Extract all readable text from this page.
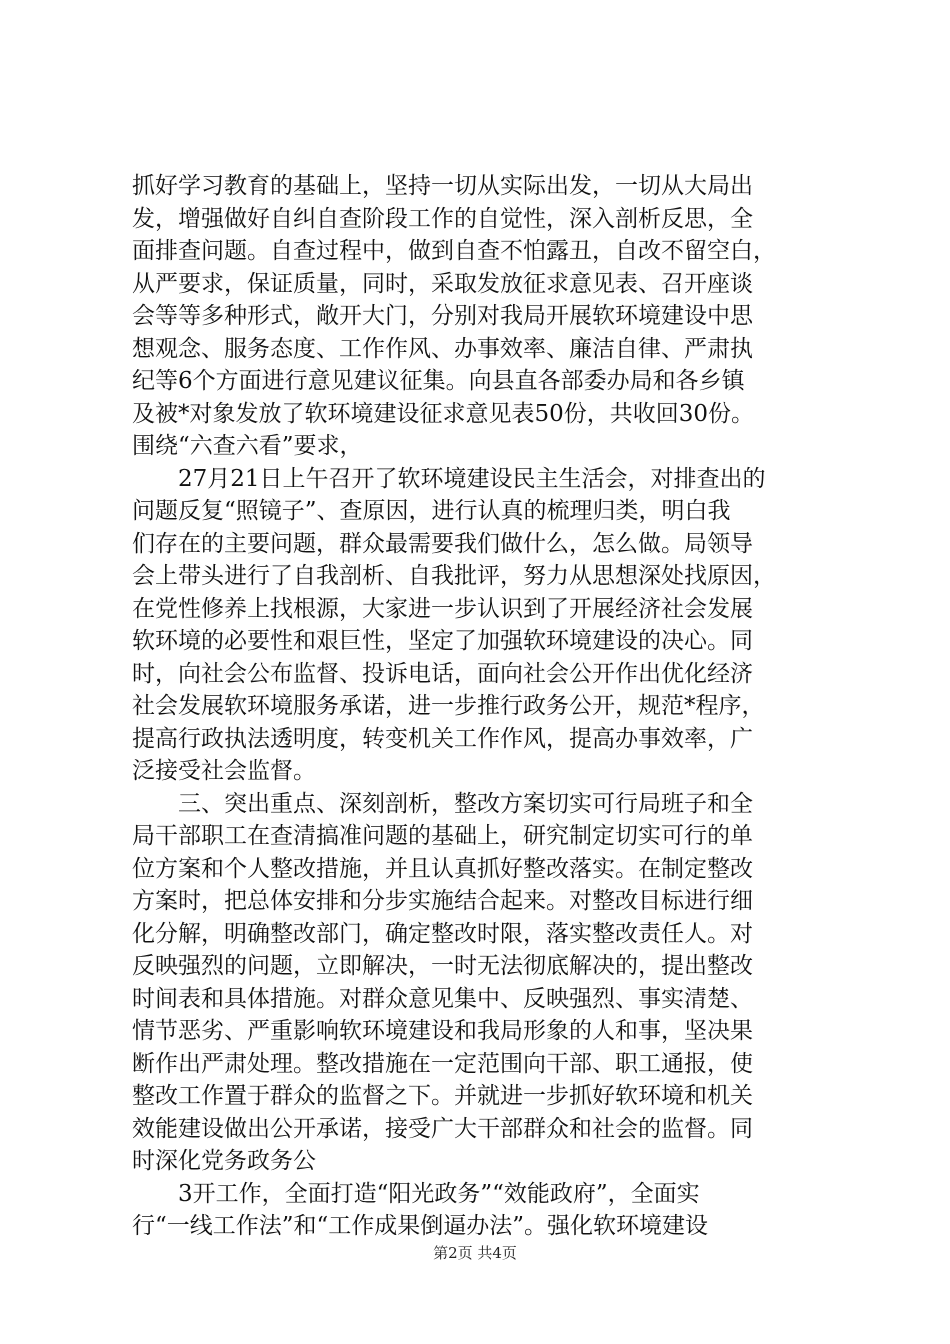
抓好学习教育的基础上，坚持一切从实际出发，一切从大局出
发，增强做好自纠自查阶段工作的自觉性，深入剖析反思，全
面排查问题。自查过程中，做到自查不怕露丑，自改不留空白，
从严要求，保证质量，同时，采取发放征求意见表、召开座谈
会等等多种形式，敞开大门，分别对我局开展软环境建设中思
想观念、服务态度、工作作风、办事效率、廉洁自律、严肃执
纪等6个方面进行意见建议征集。向县直各部委办局和各乡镇
及被*对象发放了软环境建设征求意见表50份，共收回30份。
围绕“六查六看”要求，
　　27月21日上午召开了软环境建设民主生活会，对排查出的
问题反复“照镜子”、查原因，进行认真的梳理归类，明白我
们存在的主要问题，群众最需要我们做什么，怎么做。局领导
会上带头进行了自我剖析、自我批评，努力从思想深处找原因，
在党性修养上找根源，大家进一步认识到了开展经济社会发展
软环境的必要性和艰巨性，坚定了加强软环境建设的决心。同
时，向社会公布监督、投诉电话，面向社会公开作出优化经济
社会发展软环境服务承诺，进一步推行政务公开，规范*程序，
提高行政执法透明度，转变机关工作作风，提高办事效率，广
泛接受社会监督。
　　三、突出重点、深刻剖析，整改方案切实可行局班子和全
局干部职工在查清搞准问题的基础上，研究制定切实可行的单
位方案和个人整改措施，并且认真抓好整改落实。在制定整改
方案时，把总体安排和分步实施结合起来。对整改目标进行细
化分解，明确整改部门，确定整改时限，落实整改责任人。对
反映强烈的问题，立即解决，一时无法彻底解决的，提出整改
时间表和具体措施。对群众意见集中、反映强烈、事实清楚、
情节恶劣、严重影响软环境建设和我局形象的人和事，坚决果
断作出严肃处理。整改措施在一定范围向干部、职工通报，使
整改工作置于群众的监督之下。并就进一步抓好软环境和机关
效能建设做出公开承诺，接受广大干部群众和社会的监督。同
时深化党务政务公
　　3开工作，全面打造“阳光政务”“效能政府”，全面实
行“一线工作法”和“工作成果倒逼办法”。强化软环境建设
第2页 共4页
